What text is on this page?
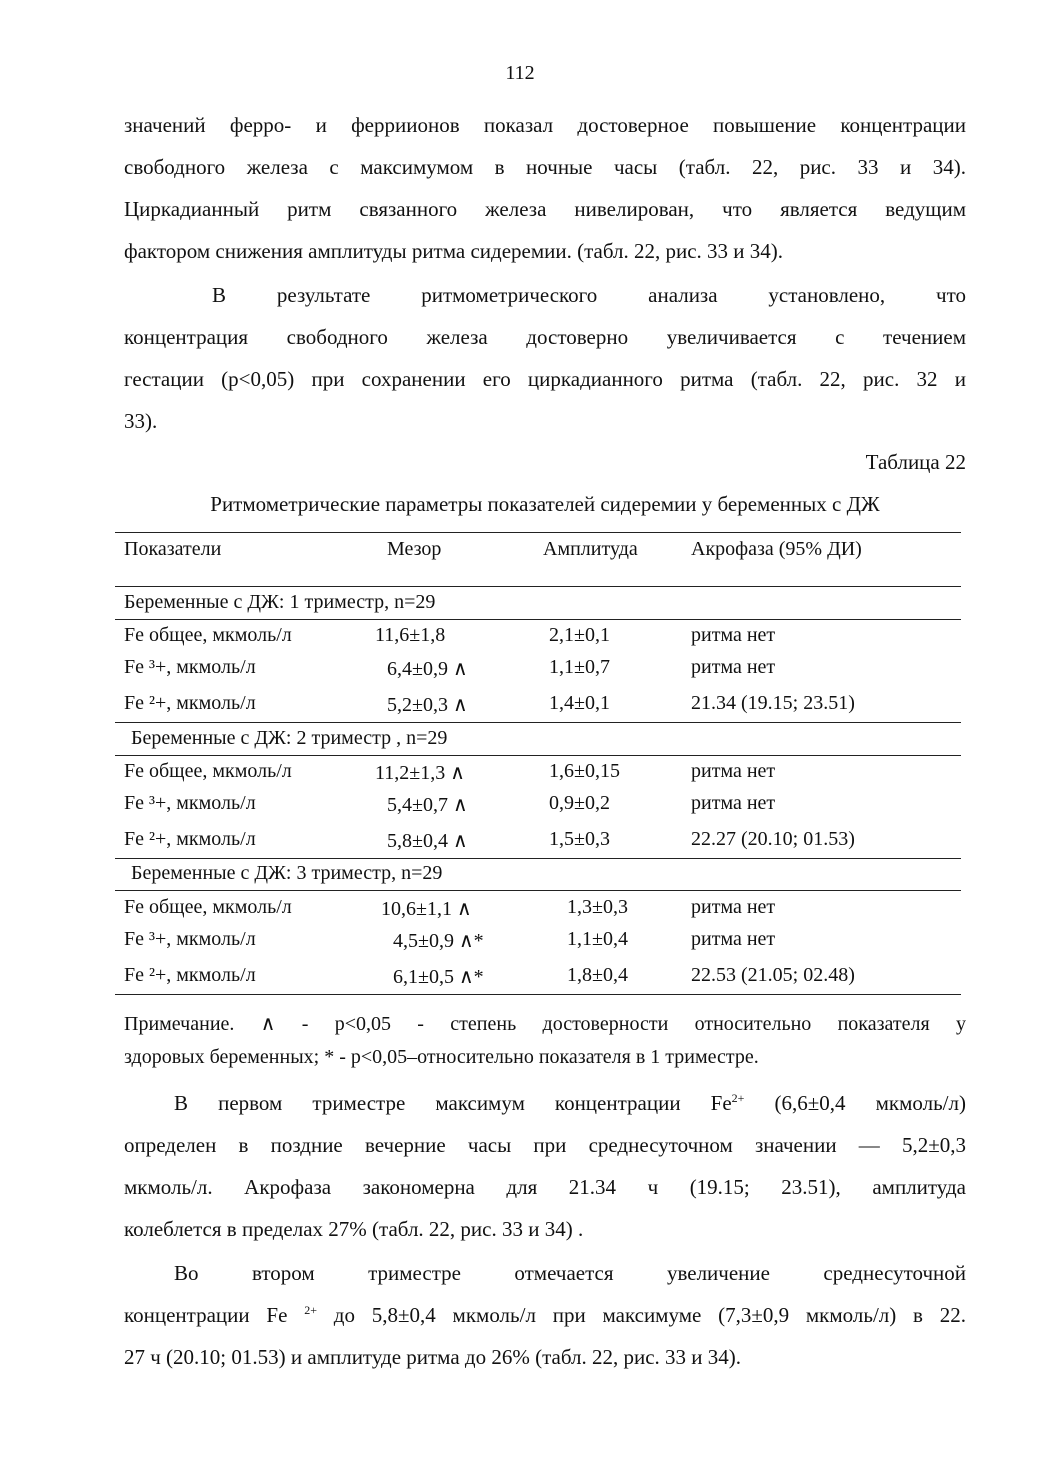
112
значений ферро- и ферриионов показал достоверное повышение концентрации
свободного железа с максимумом в ночные часы (табл. 22, рис. 33 и 34).
Циркадианный ритм связанного железа нивелирован, что является ведущим
фактором снижения амплитуды ритма сидеремии. (табл. 22, рис. 33 и 34).
В результате ритмометрического анализа установлено, что
концентрация свободного железа достоверно увеличивается с течением
гестации (р<0,05) при сохранении его циркадианного ритма (табл. 22, рис. 32 и
33).
Таблица 22
Ритмометрические параметры показателей сидеремии у беременных с ДЖ
Показатели	Мезор	Амплитуда	Акрофаза (95% ДИ)
Беременные с ДЖ: 1 триместр, n=29
Fe общее, мкмоль/л	11,6±1,8	2,1±0,1	ритма нет
Fe ³+, мкмоль/л	6,4±0,9 ∧	1,1±0,7	ритма нет
Fe ²+, мкмоль/л	5,2±0,3 ∧	1,4±0,1	21.34 (19.15; 23.51)
Беременные с ДЖ: 2 триместр , n=29
Fe общее, мкмоль/л	11,2±1,3 ∧	1,6±0,15	ритма нет
Fe ³+, мкмоль/л	5,4±0,7 ∧	0,9±0,2	ритма нет
Fe ²+, мкмоль/л	5,8±0,4 ∧	1,5±0,3	22.27 (20.10; 01.53)
Беременные с ДЖ: 3 триместр, n=29
Fe общее, мкмоль/л	10,6±1,1 ∧	1,3±0,3	ритма нет
Fe ³+, мкмоль/л	4,5±0,9 ∧*	1,1±0,4	ритма нет
Fe ²+, мкмоль/л	6,1±0,5 ∧*	1,8±0,4	22.53 (21.05; 02.48)
Примечание. ∧ - р<0,05 - степень достоверности относительно показателя у
здоровых беременных; * - р<0,05–относительно показателя в 1 триместре.
В первом триместре максимум концентрации $Fe^{2+}$ (6,6±0,4 мкмоль/л)
определен в поздние вечерние часы при среднесуточном значении — 5,2±0,3
мкмоль/л. Акрофаза закономерна для 21.34 ч (19.15; 23.51), амплитуда
колеблется в пределах 27% (табл. 22, рис. 33 и 34) .
Во втором триместре отмечается увеличение среднесуточной
концентрации Fe $^{2+}$ до 5,8±0,4 мкмоль/л при максимуме (7,3±0,9 мкмоль/л) в 22.
27 ч (20.10; 01.53) и амплитуде ритма до 26% (табл. 22, рис. 33 и 34).
